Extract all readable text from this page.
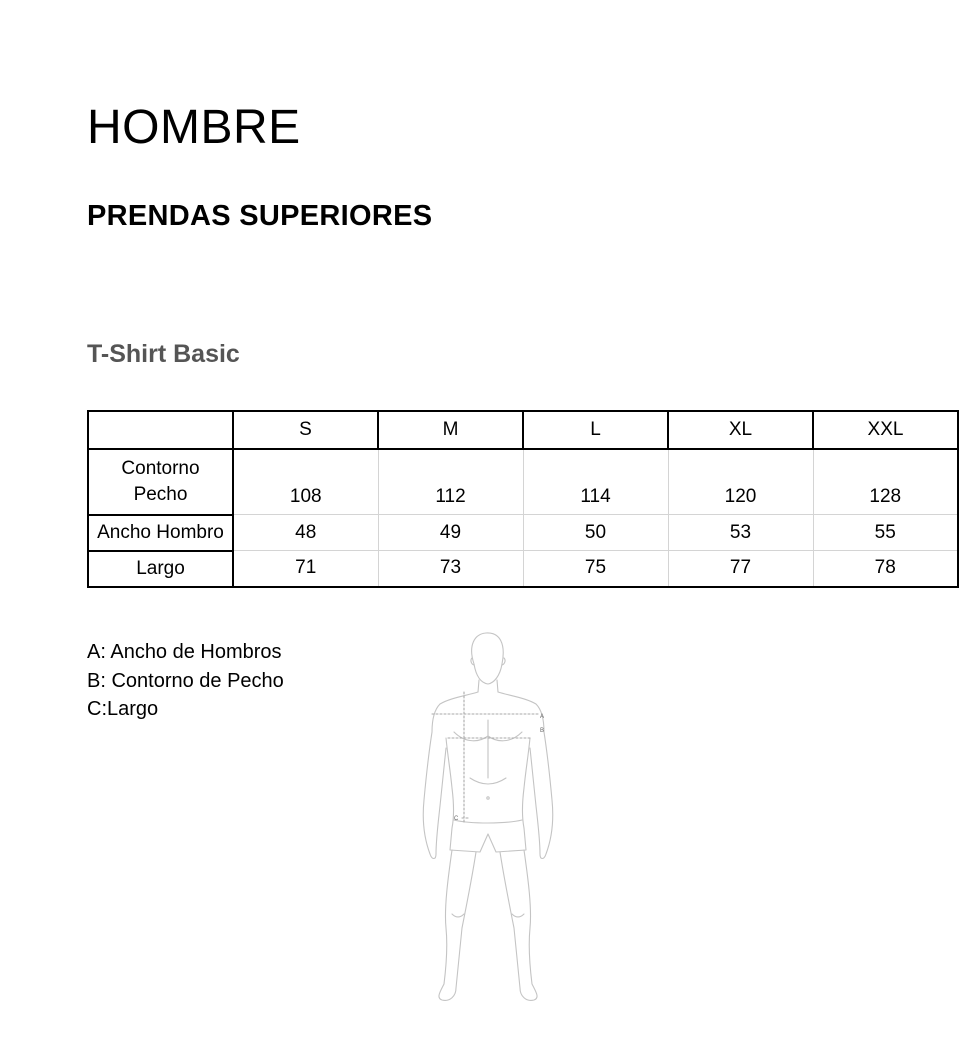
HOMBRE
PRENDAS SUPERIORES
T-Shirt Basic
	S	M	L	XL	XXL

Contorno
Pecho	108	112	114	120	128
Ancho Hombro	48	49	50	53	55
Largo	71	73	75	77	78
A: Ancho de Hombros
B: Contorno de Pecho
C:Largo	A
B
C
